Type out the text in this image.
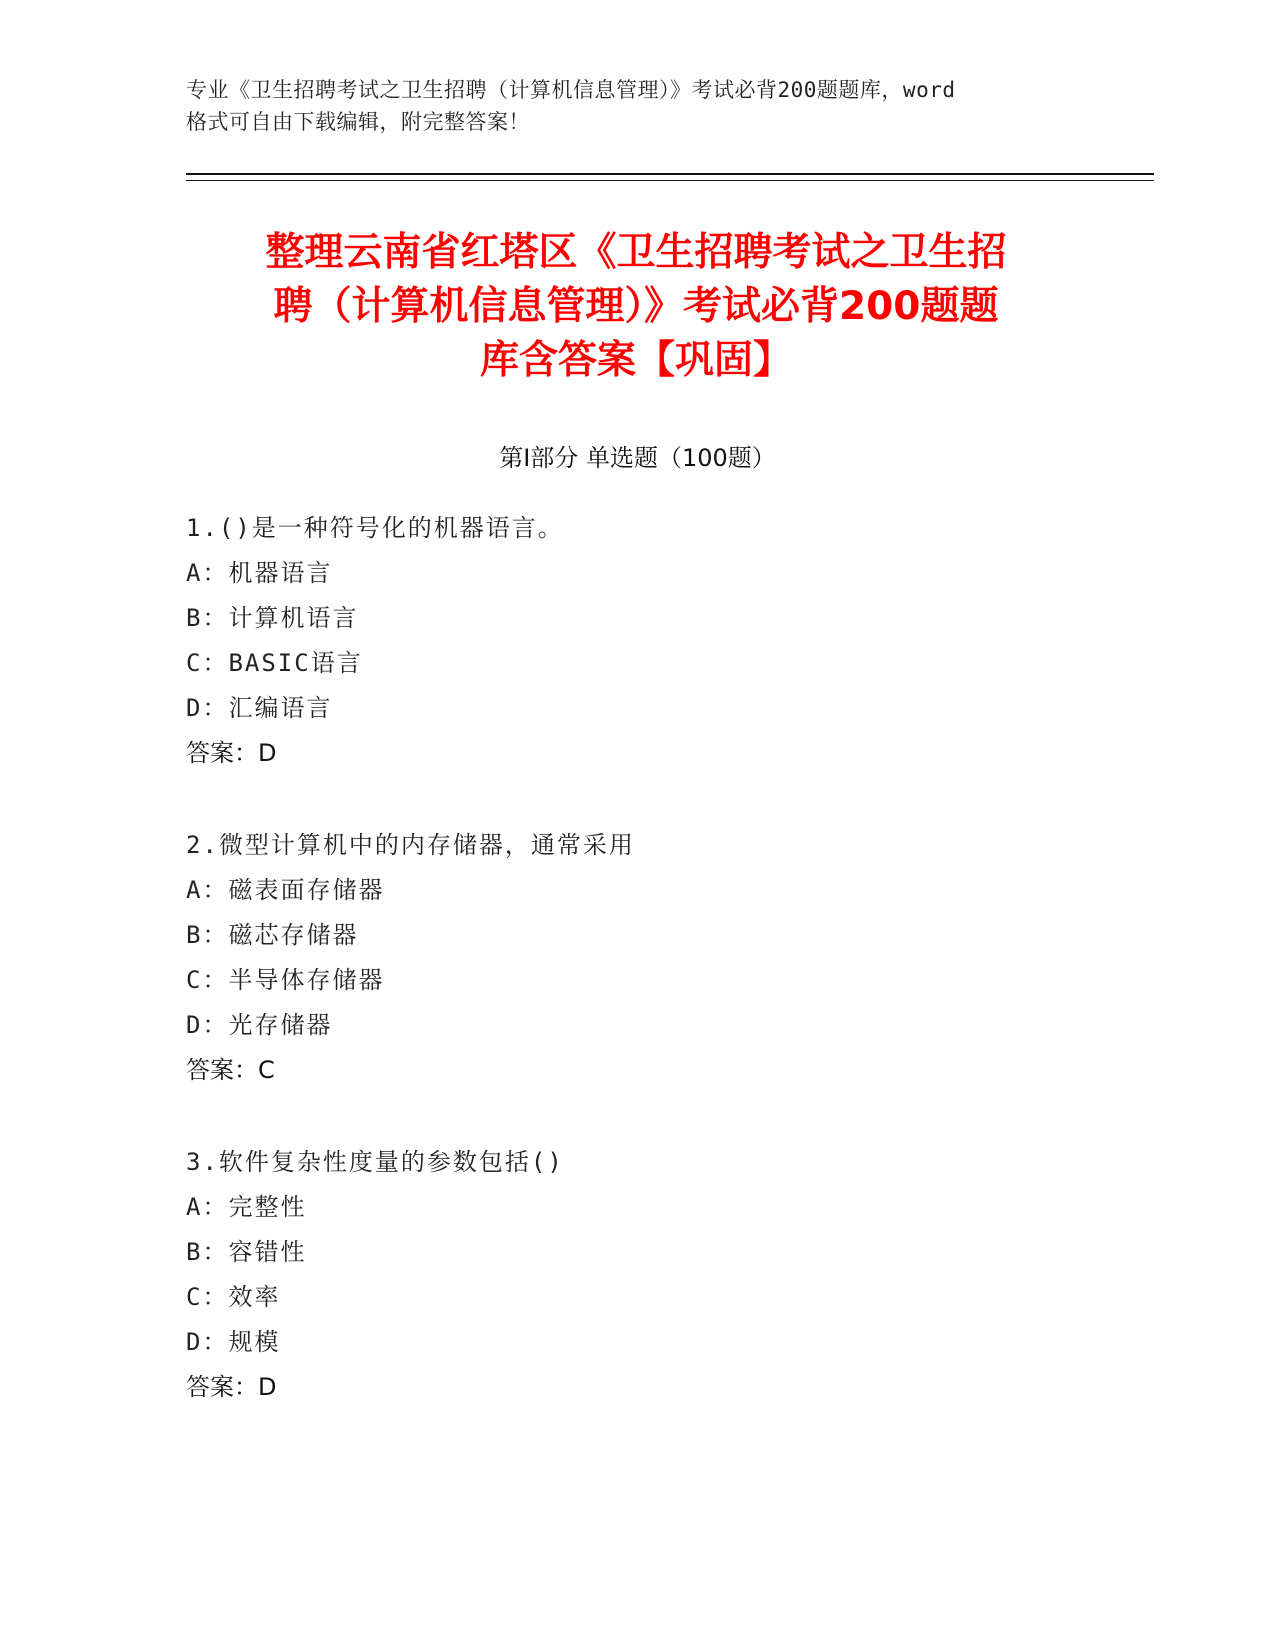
专业《卫生招聘考试之卫生招聘（计算机信息管理）》考试必背200题题库，word
格式可自由下载编辑，附完整答案！
整理云南省红塔区《卫生招聘考试之卫生招
聘（计算机信息管理）》考试必背200题题
库含答案【巩固】
第Ⅰ部分 单选题（100题）
1.()是一种符号化的机器语言。
A：机器语言
B：计算机语言
C：BASIC语言
D：汇编语言
答案：D
2.微型计算机中的内存储器，通常采用
A：磁表面存储器
B：磁芯存储器
C：半导体存储器
D：光存储器
答案：C
3.软件复杂性度量的参数包括()
A：完整性
B：容错性
C：效率
D：规模
答案：D
